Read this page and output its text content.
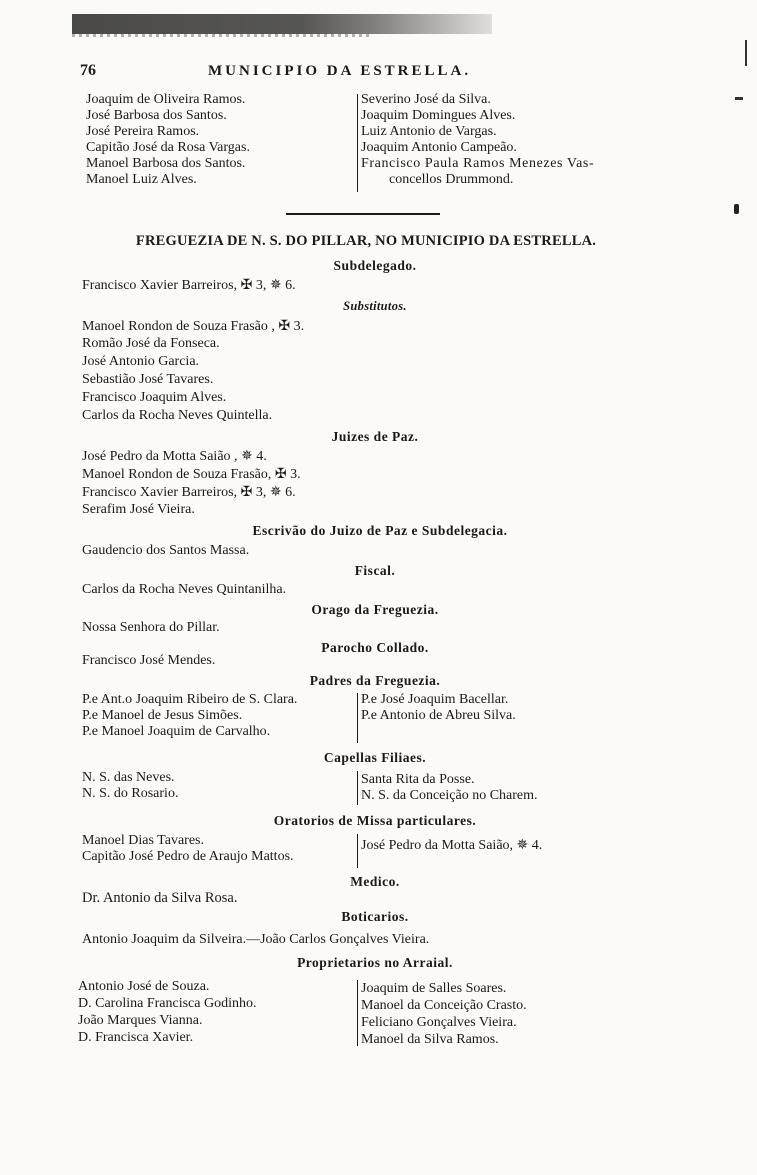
76	MUNICIPIO DA ESTRELLA.
Joaquim de Oliveira Ramos.
José Barbosa dos Santos.
José Pereira Ramos.
Capitão José da Rosa Vargas.
Manoel Barbosa dos Santos.
Manoel Luiz Alves.
Severino José da Silva.
Joaquim Domingues Alves.
Luiz Antonio de Vargas.
Joaquim Antonio Campeão.
Francisco Paula Ramos Menezes Vas-
concellos Drummond.
FREGUEZIA DE N. S. DO PILLAR, NO MUNICIPIO DA ESTRELLA.
Subdelegado.
Francisco Xavier Barreiros, ✠ 3, ✵ 6.
Substitutos.
Manoel Rondon de Souza Frasão , ✠ 3.
Romão José da Fonseca.
José Antonio Garcia.
Sebastião José Tavares.
Francisco Joaquim Alves.
Carlos da Rocha Neves Quintella.
Juizes de Paz.
José Pedro da Motta Saião , ✵ 4.
Manoel Rondon de Souza Frasão, ✠ 3.
Francisco Xavier Barreiros, ✠ 3, ✵ 6.
Serafim José Vieira.
Escrivão do Juizo de Paz e Subdelegacia.
Gaudencio dos Santos Massa.
Fiscal.
Carlos da Rocha Neves Quintanilha.
Orago da Freguezia.
Nossa Senhora do Pillar.
Parocho Collado.
Francisco José Mendes.
Padres da Freguezia.
P.e Ant.o Joaquim Ribeiro de S. Clara.
P.e Manoel de Jesus Simões.
P.e Manoel Joaquim de Carvalho.
P.e José Joaquim Bacellar.
P.e Antonio de Abreu Silva.
Capellas Filiaes.
N. S. das Neves.
N. S. do Rosario.
Santa Rita da Posse.
N. S. da Conceição no Charem.
Oratorios de Missa particulares.
Manoel Dias Tavares.
Capitão José Pedro de Araujo Mattos.
José Pedro da Motta Saião, ✵ 4.
Medico.
Dr. Antonio da Silva Rosa.
Boticarios.
Antonio Joaquim da Silveira.—João Carlos Gonçalves Vieira.
Proprietarios no Arraial.
Antonio José de Souza.
D. Carolina Francisca Godinho.
João Marques Vianna.
D. Francisca Xavier.
Joaquim de Salles Soares.
Manoel da Conceição Crasto.
Feliciano Gonçalves Vieira.
Manoel da Silva Ramos.
